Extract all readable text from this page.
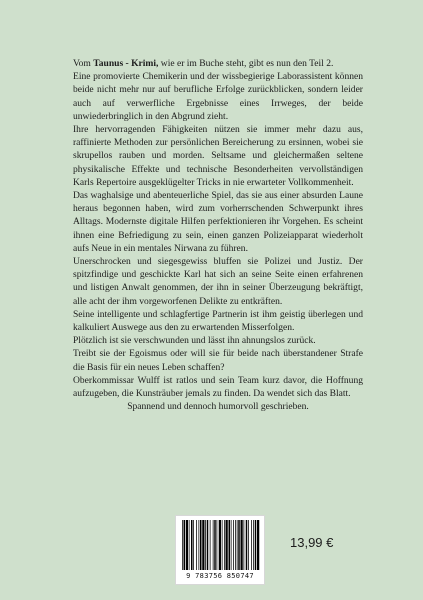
Vom Taunus - Krimi, wie er im Buche steht, gibt es nun den Teil 2.

Eine promovierte Chemikerin und der wissbegierige Laborassistent können beide nicht mehr nur auf berufliche Erfolge zurückblicken, sondern leider auch auf verwerfliche Ergebnisse eines Irrweges, der beide unwiederbringlich in den Abgrund zieht.

Ihre hervorragenden Fähigkeiten nützen sie immer mehr dazu aus, raffinierte Methoden zur persönlichen Bereicherung zu ersinnen, wobei sie skrupellos rauben und morden. Seltsame und gleichermaßen seltene physikalische Effekte und technische Besonderheiten vervollständigen Karls Repertoire ausgeklügelter Tricks in nie erwarteter Vollkommenheit.

Das waghalsige und abenteuerliche Spiel, das sie aus einer absurden Laune heraus begonnen haben, wird zum vorherrschenden Schwerpunkt ihres Alltags. Modernste digitale Hilfen perfektionieren ihr Vorgehen. Es scheint ihnen eine Befriedigung zu sein, einen ganzen Polizeiapparat wiederholt aufs Neue in ein mentales Nirwana zu führen.

Unerschrocken und siegesgewiss bluffen sie Polizei und Justiz. Der spitzfindige und geschickte Karl hat sich an seine Seite einen erfahrenen und listigen Anwalt genommen, der ihn in seiner Überzeugung bekräftigt, alle acht der ihm vorgeworfenen Delikte zu entkräften.

Seine intelligente und schlagfertige Partnerin ist ihm geistig überlegen und kalkuliert Auswege aus den zu erwartenden Misserfolgen.

Plötzlich ist sie verschwunden und lässt ihn ahnungslos zurück.

Treibt sie der Egoismus oder will sie für beide nach überstandener Strafe die Basis für ein neues Leben schaffen?

Oberkommissar Wulff ist ratlos und sein Team kurz davor, die Hoffnung aufzugeben, die Kunsträuber jemals zu finden. Da wendet sich das Blatt.

Spannend und dennoch humorvoll geschrieben.

9 783756 850747
13,99 €
